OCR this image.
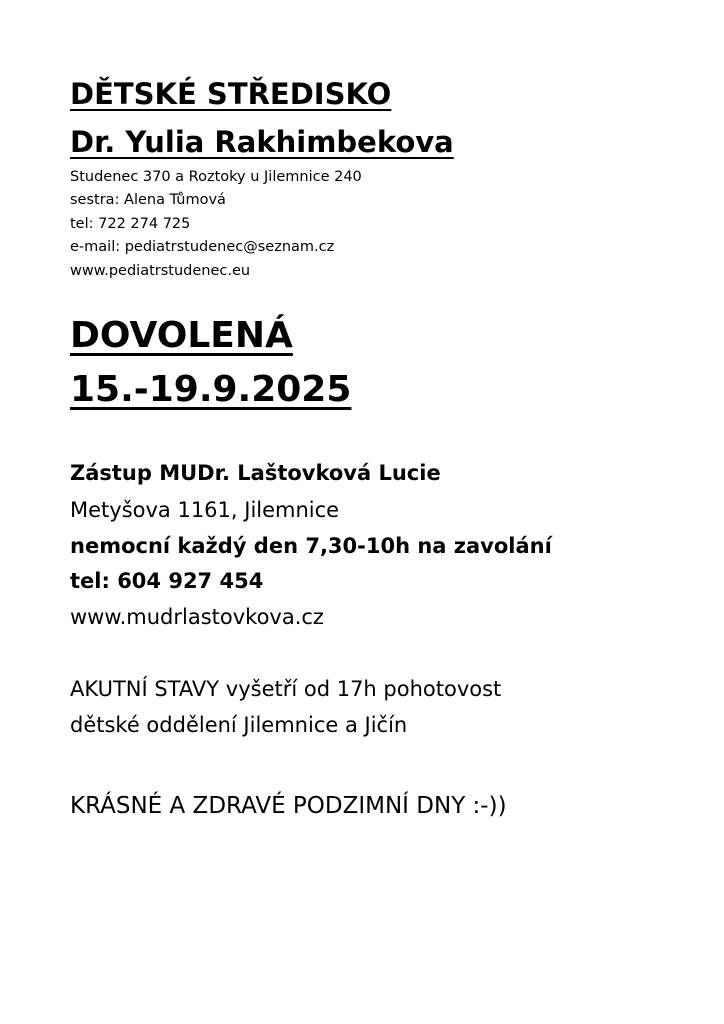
DĚTSKÉ STŘEDISKO
Dr. Yulia Rakhimbekova
Studenec 370 a Roztoky u Jilemnice 240
sestra: Alena Tůmová
tel: 722 274 725
e-mail: pediatrstudenec@seznam.cz
www.pediatrstudenec.eu
DOVOLENÁ
15.-19.9.2025
Zástup MUDr. Laštovková Lucie
Metyšova 1161, Jilemnice
nemocní každý den 7,30-10h na zavolání
tel: 604 927 454
www.mudrlastovkova.cz
AKUTNÍ STAVY vyšetří od 17h pohotovost
dětské oddělení Jilemnice a Jičín
KRÁSNÉ A ZDRAVÉ PODZIMNÍ DNY :-))
